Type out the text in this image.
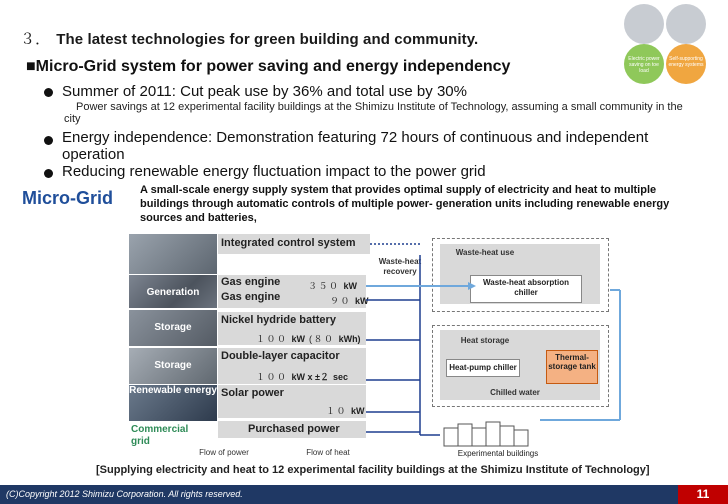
Electric power saving on toe load
Self-supporting energy systems
３． The latest technologies for green building and community.
■Micro-Grid system for power saving and energy independency
Summer of 2011: Cut peak use by 36% and total use by 30%
Power savings at 12 experimental facility buildings at the Shimizu Institute of Technology, assuming a small community in the city
Energy independence: Demonstration featuring 72 hours of continuous and independent operation
Reducing renewable energy fluctuation impact to the power grid
Micro-Grid A small-scale energy supply system that provides optimal supply of electricity and heat to multiple buildings through automatic controls of multiple power- generation units including renewable energy sources and batteries,
Generation
Storage
Storage
Renewable energy
Integrated control system
Gas engine	３５０ kW
Gas engine	９０ kW
Nickel hydride battery
１００ kW (８０ kWh)
Double-layer capacitor
１００ kW x ±２ sec
Solar power
１０ kW
Purchased power
Commercial grid
Waste-heat use
Waste-heat absorption chiller
Heat storage
Heat-pump chiller
Thermal-storage tank
Chilled water
Waste-heat recovery
Experimental buildings
Flow of power	Flow of heat
[Supplying electricity and heat to 12 experimental facility buildings at the Shimizu Institute of Technology]
(C)Copyright 2012 Shimizu Corporation. All rights reserved.	11
